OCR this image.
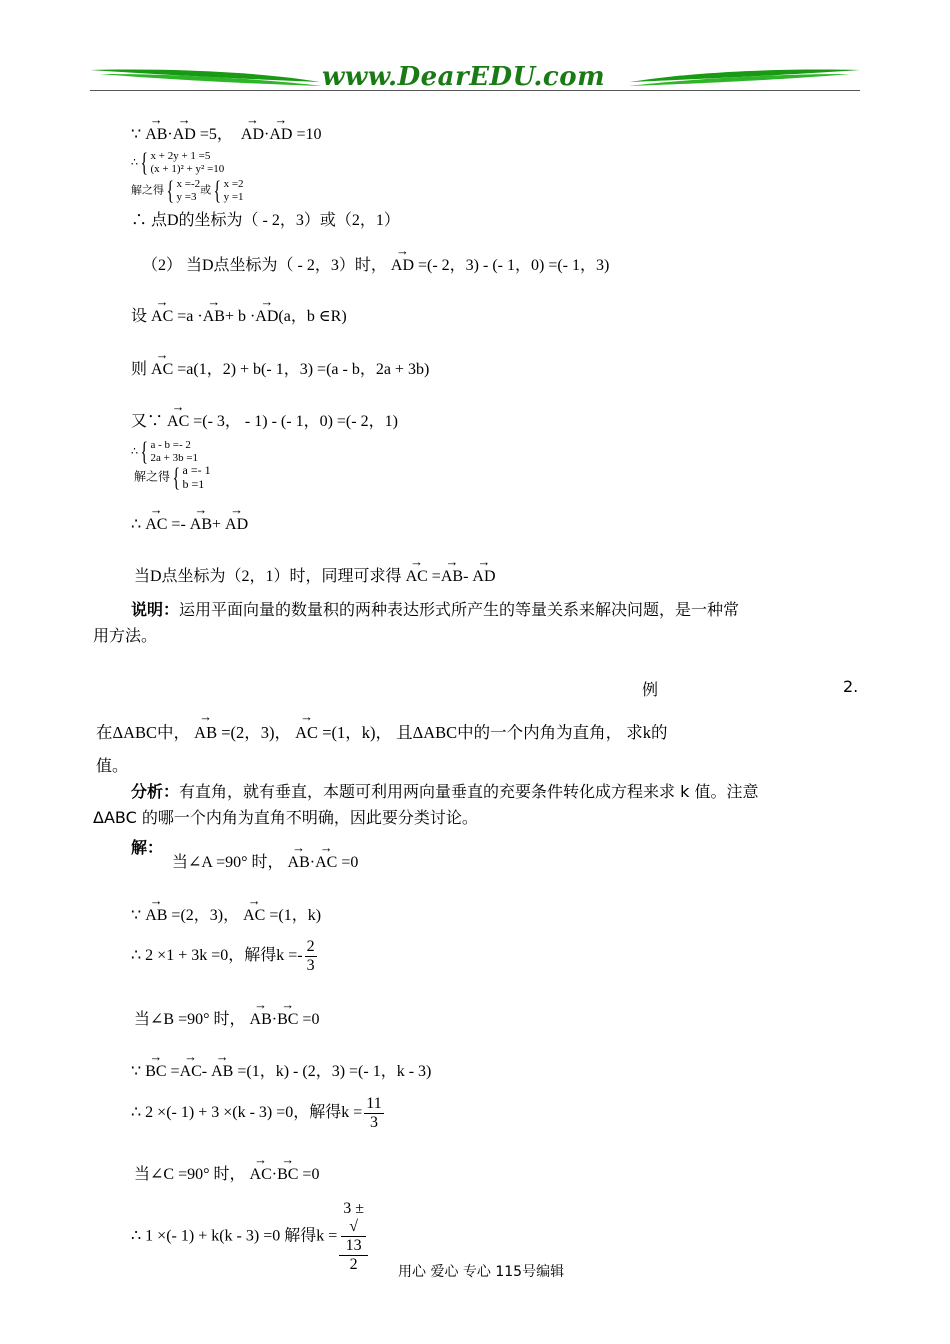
www.DearEDU.com
∵ → AB·→ AD =5，  → AD·→ AD =10
∴{ x + 2y + 1 =5
(x + 1)² + y² =10
解之得{ x =-2
y =3或{ x =2
y =1
∴ 点D的坐标为（ - 2，3）或（2，1）
（2） 当D点坐标为（ - 2，3）时， → AD =(- 2，3) - (- 1，0) =(- 1，3)
设 → AC =a ·→ AB+ b ·→ AD(a，b ∈R)
则 → AC =a(1，2) + b(- 1，3) =(a - b，2a + 3b)
又∵ → AC =(- 3， - 1) - (- 1，0) =(- 2，1)
∴{ a - b =- 2
2a + 3b =1
解之得{ a =- 1
b =1
∴ → AC =- → AB+ → AD
当D点坐标为（2，1）时，同理可求得 → AC =→ AB- → AD
说明：运用平面向量的数量积的两种表达形式所产生的等量关系来解决问题，是一种常
用方法。
例	2.
在ΔABC中， → AB =(2，3)， → AC =(1，k)， 且ΔABC中的一个内角为直角， 求k的
值。
分析：有直角，就有垂直，本题可利用两向量垂直的充要条件转化成方程来求 k 值。注意
ΔABC 的哪一个内角为直角不明确，因此要分类讨论。
解：
当∠A =90° 时， → AB·→ AC =0
∵ → AB =(2，3)， → AC =(1，k)
∴ 2 ×1 + 3k =0，解得$k =- \frac{2}{3}$
当∠B =90° 时， → AB·→ BC =0
∵ → BC =→ AC- → AB =(1，k) - (2，3) =(- 1，k - 3)
∴ 2 ×(- 1) + 3 ×(k - 3) =0，解得$k = \frac{11}{3}$
当∠C =90° 时， → AC·→ BC =0
∴ 1 ×(- 1) + k(k - 3) =0 解得k = 3 ±
√
13
2 用心 爱心 专心 115号编辑
